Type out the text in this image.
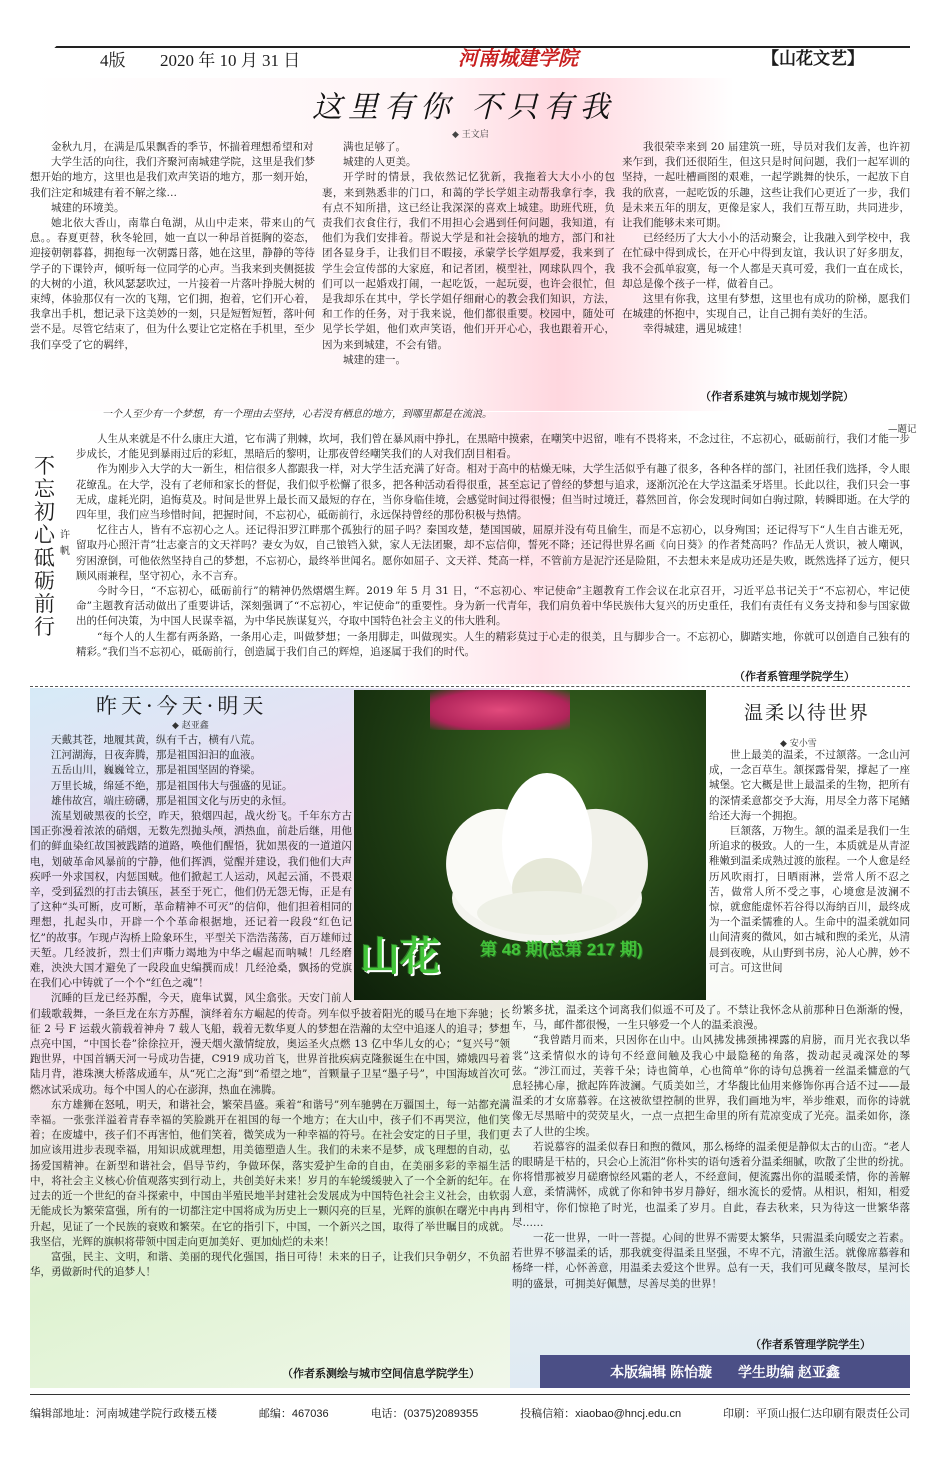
4版 2020 年 10 月 31 日	河南城建学院	【山花文艺】
这里有你 不只有我
◆ 王文启

金秋九月，在满是瓜果飘香的季节，怀揣着理想希望和对

大学生活的向往，我们齐聚河南城建学院，这里是我们梦想开始的地方，这里也是我们欢声笑语的地方，那一刻开始，我们注定和城建有着不解之缘…

城建的环境美。

她北依大香山，南靠白龟湖，从山中走来，带来山的气息。。春夏更替，秋冬轮回，她一直以一种昂首挺胸的姿态，迎接朝朝暮暮，拥抱每一次朝露日落，她在这里，静静的等待学子的下课铃声，倾听每一位同学的心声。当我来到夹侧挺拔的大树的小道，秋风瑟瑟吹过，一片接着一片落叶挣脱大树的束缚，体验那仅有一次的飞翔，它们拥，抱着，它们开心着，我拿出手机，想记录下这美妙的一刻，只是短暂短暂，落叶何尝不是。尽管它结束了，但为什么要让它定格在手机里，至少我们享受了它的羁绊，

满也足够了。

城建的人更美。

开学时的情景，我依然记忆犹新，我拖着大大小小的包裹，来到熟悉非的门口，和蔼的学长学姐主动帮我拿行李，我有点不知所措，这已经让我深深的喜欢上城建。助班代班，负责我们衣食住行，我们不用担心会遇到任何问题，我知道，有他们为我们安排着。帮说大学是和社会接轨的地方，部门和社团各显身手，让我们目不暇接，承蒙学长学姐厚爱，我来到了学生会宣传部的大家庭，和记者团，模型社，网球队四个，我们可以一起婚戏打闹，一起吃饭，一起玩耍，也许会很忙，但是我却乐在其中，学长学姐仔细耐心的教会我们知识，方法，和工作的任务，对于我来说，他们都很重要。校园中，随处可见学长学姐，他们欢声笑语，他们开开心心，我也跟着开心，因为来到城建，不会有错。

城建的建一。

我很荣幸来到 20 届建筑一班，导员对我们友善，也许初来乍到，我们还很陌生，但这只是时间问题，我们一起军训的坚持，一起吐槽画图的艰难，一起学跳舞的快乐，一起放下自我的欣喜，一起吃饭的乐趣，这些让我们心更近了一步，我们是未来五年的朋友，更像是家人，我们互帮互助，共同进步，让我们能够未来可期。

已经经历了大大小小的活动聚会，让我融入到学校中，我在忙碌中得到成长，在开心中得到友谊，我认识了好多朋友，我不会孤单寂寞，每一个人都是天真可爱，我们一直在成长，却总是像个孩子一样，做着自己。

这里有你我，这里有梦想，这里也有成功的阶梯，愿我们在城建的怀抱中，实现自己，让自己拥有美好的生活。

幸得城建，遇见城建！

（作者系建筑与城市规划学院）
一个人至少有一个梦想，有一个理由去坚持，心若没有栖息的地方，到哪里都是在流浪。
—题记
不忘初心 砥砺前行
许帆

人生从来就是不什么康庄大道，它布满了荆棘，坎坷，我们曾在暴风雨中挣扎，在黑暗中摸索，在嘲笑中迟留，唯有不畏将来，不念过往，不忘初心，砥砺前行，我们才能一步步成长，才能见到暴雨过后的彩虹，黑暗后的黎明，让那夜曾经嘲笑我们的人对我们刮目相看。

作为刚步入大学的大一新生，相信很多人都跟我一样，对大学生活充满了好奇。相对于高中的枯燥无味，大学生活似乎有趣了很多，各种各样的部门，社团任我们选择，令人眼花缭乱。在大学，没有了老师和家长的督促，我们似乎松懈了很多，把各种活动看得很重，甚至忘记了曾经的梦想与追求，逐渐沉沦在大学这温柔牙塔里。长此以往，我们只会一事无成，虚耗光阴，追悔莫及。时间是世界上最长而又最短的存在，当你身临佳境，会感觉时间过得很慢；但当时过境迁，暮然回首，你会发现时间如白驹过隙，转瞬即逝。在大学的四年里，我们应当珍惜时间，把握时间，不忘初心，砥砺前行，永远保持曾经的那份积极与热情。

忆往古人，皆有不忘初心之人。还记得汨罗江畔那个孤独行的屈子吗？秦国攻楚，楚国国破，屈原并没有苟且偷生，而是不忘初心，以身殉国；还记得写下“人生自古谁无死，留取丹心照汗青”壮志豪言的文天祥吗？妻女为奴，自己锒铛入狱，家人无法团聚，却不忘信仰，誓死不降；还记得世界名画《向日葵》的作者梵高吗？作品无人赏识，被人嘲讽，穷困潦倒，可他依然坚持自己的梦想，不忘初心，最终举世闻名。愿你如屈子、文天祥、梵高一样，不管前方是泥泞还是险阻，不去想未来是成功还是失败，既然选择了远方，便只顾风雨兼程，坚守初心，永不言弃。

今时今日，“不忘初心，砥砺前行”的精神仍然熠熠生辉。2019 年 5 月 31 日，“不忘初心、牢记使命”主题教育工作会议在北京召开，习近平总书记关于“不忘初心，牢记使命”主题教育活动做出了重要讲话，深刻强调了“不忘初心，牢记使命”的重要性。身为新一代青年，我们肩负着中华民族伟大复兴的历史重任，我们有责任有义务支持和参与国家做出的任何决策，为中国人民谋幸福，为中华民族谋复兴，夺取中国特色社会主义的伟大胜利。

“每个人的人生都有两条路，一条用心走，叫做梦想；一条用脚走，叫做现实。人生的精彩莫过于心走的很美，且与脚步合一。不忘初心，脚踏实地，你就可以创造自己独有的精彩。”我们当不忘初心，砥砺前行，创造属于我们自己的辉煌，追逐属于我们的时代。

（作者系管理学院学生）
昨天·今天·明天
◆ 赵亚鑫

天戴其苍，地履其黄，纵有千古，横有八荒。

江河湖海，日夜奔腾，那是祖国汩汩的血液。

五岳山川，巍巍耸立，那是祖国坚固的脊梁。

万里长城，绵延不绝，那是祖国伟大与强盛的见证。

雄伟故宫，端庄磅礴，那是祖国文化与历史的永恒。

流星划破黑夜的长空，昨天，狼烟四起，战火纷飞。千年东方古国正弥漫着浓浓的硝烟，无数先烈抛头颅，洒热血，前赴后继，用他们的鲜血染红故国被践踏的道路，唤他们醒悟，犹如黑夜的一道道闪电，划破革命风暴前的宁静，他们挥洒，觉醒并建设，我们他们大声疾呼一外求国权，内惩国贼。他们掀起工人运动，风起云涌，不畏艰辛，受到猛烈的打击去镇压，甚至于死亡，他们仍无怨无悔，正是有了这种“头可断，皮可断，革命精神不可灭”的信仰，他们担着相同的理想，扎起头巾，开辟一个个革命根据地，还记着一段段“红色记忆”的故事。乍现卢沟桥上险象环生，平型关下浩浩荡荡，百万雄师过天堑。几经波折，烈士们声嘶力竭地为中华之崛起而呐喊！几经磨难，泱泱大国才避免了一段段血史编撰而成！几经沧桑，飘扬的党旗在我们心中铸就了一个个“红色之魂”！

沉睡的巨龙已经苏醒，今天，鹿隼试翼，风尘翕张。天安门前人们载歌载舞，一条巨龙在东方苏醒，演绎着东方崛起的传奇。列车似乎披着阳光的暖马在地下奔驰；长征 2 号 F 运载火箭载着神舟 7 载人飞船，载着无数华夏人的梦想在浩瀚的太空中追逐人的追寻；梦想点亮中国，“中国长卷”徐徐拉开，漫天烟火激情绽放，奥运圣火点燃 13 亿中华儿女的心；“复兴号”领跑世界，中国首辆天河一号成功告捷，C919 成功首飞，世界首批疾病克隆猴诞生在中国，嫦娥四号着陆月背，港珠澳大桥落成通车，从“死亡之海”到“希望之地”，首颗量子卫星“墨子号”，中国海域首次可燃冰试采成功。每个中国人的心在澎湃，热血在沸腾。

东方雄狮在怒吼，明天，和谐社会，繁荣昌盛。乘着“和谐号”列车驰骋在万疆国土，每一站都充满幸福。一张张洋溢着青春幸福的笑脸跳开在祖国的每一个地方；在大山中，孩子们不再哭泣，他们笑着；在废墟中，孩子们不再害怕，他们笑着，微笑成为一种幸福的符号。在社会安定的日子里，我们更加应该用进步表现幸福，用知识成就理想，用美德塑造人生。我们的未来不是梦，成飞理想的自动，弘扬爱国精神。在新型和谐社会，倡导节约，争做环保，落实爱护生命的自由，在美丽多彩的幸福生活中，将社会主义核心价值观落实到行动上，共创美好未来！岁月的车轮缓缓驶入了一个全新的纪年。在过去的近一个世纪的奋斗探索中，中国由半殖民地半封建社会发展成为中国特色社会主义社会，由软弱无能成长为繁荣富强，所有的一切都注定中国将成为历史上一颗闪亮的巨星，光辉的旗帜在曙光中冉冉升起，见证了一个民族的衰败和繁荣。在它的指引下，中国，一个新兴之国，取得了举世瞩目的成就。我坚信，光辉的旗帜将带领中国走向更加美好、更加灿烂的未来！

富强，民主、文明，和谐、美丽的现代化强国，指日可待！未来的日子，让我们只争朝夕，不负韶华，勇做新时代的追梦人！

（作者系测绘与城市空间信息学院学生）
温柔以待世界
◆ 安小雪

世上最美的温柔，不过颔落。一念山河成，一念百草生。颔探露骨架，撑起了一座城堡。它大概是世上最温柔的生物，把所有的深情柔意都交予大海，用尽全力落下尾鳍给还大海一个拥抱。

巨颔落，万物生。颔的温柔是我们一生所追求的极致。人的一生，本质就是从青涩稚嫩到温柔成熟过渡的旅程。一个人愈是经历风吹雨打，日晒雨淋，尝常人所不忍之苦，做常人所不受之事，心境愈是波澜不惊，就愈能虚怀若谷得以海纳百川，最终成为一个温柔懦雅的人。生命中的温柔就如同山间清爽的微风，如古城和煦的柔光，从清晨到夜晚，从山野到书房，沁人心脾，妙不可言。可这世间

纷繁多扰，温柔这个词离我们似遥不可及了。不禁让我怀念从前那种日色渐渐的慢，车，马，邮件都很慢，一生只够爱一个人的温柔浪漫。

“我曾踏月而来，只因你在山中。山风拂发拂颈拂裸露的肩膀，而月光衣我以华裳”这柔情似水的诗句不经意间触及我心中最隐秘的角落，拨动起灵魂深处的琴弦。“涉江而过，芙蓉千朵；诗也简单，心也简单”你的诗句总携着一丝温柔慵意的气息轻拂心扉，掀起阵阵波澜。气质美如兰，才华馥比仙用来修饰你再合适不过——最温柔的才女席慕蓉。在这被欲望控制的世界，我们画地为牢，举步维艰，而你的诗就像无尽黑暗中的荧荧星火，一点一点把生命里的所有荒凉变成了光亮。温柔如你，涤去了人世的尘埃。

若说慕容的温柔似春日和煦的微风，那么杨绛的温柔便是静似太古的山峦。“老人的眼睛是干枯的，只会心上流泪”你朴实的语句透着分温柔细腻，吹散了尘世的纷扰。你将惜那被岁月磋磨惊经风霜的老人，不经意间，便流露出你的温暖柔情，你的善解人意，柔情满怀，成就了你和钟书岁月静好，细水流长的爱情。从相识，相知，相爱到相守，你们惊艳了时光，也温柔了岁月。自此，春去秋来，只为待这一世繁华落尽……

一花一世界，一叶一菩提。心间的世界不需要太繁华，只需温柔向暖安之若素。若世界不够温柔的话，那我就变得温柔且坚强，不卑不亢，清澈生活。就像席慕蓉和杨绛一样，心怀善意，用温柔去爱这个世界。总有一天，我们可见藏冬散尽，星河长明的盛景，可拥美好佩慧，尽善尽美的世界！

（作者系管理学院学生）
山花 第 48 期(总第 217 期)
本版编辑 陈怡璇 学生助编 赵亚鑫
编辑部地址：河南城建学院行政楼五楼	邮编：467036	电话：(0375)2089355	投稿信箱：xiaobao@hncj.edu.cn	印刷：平顶山报仁达印刷有限责任公司
